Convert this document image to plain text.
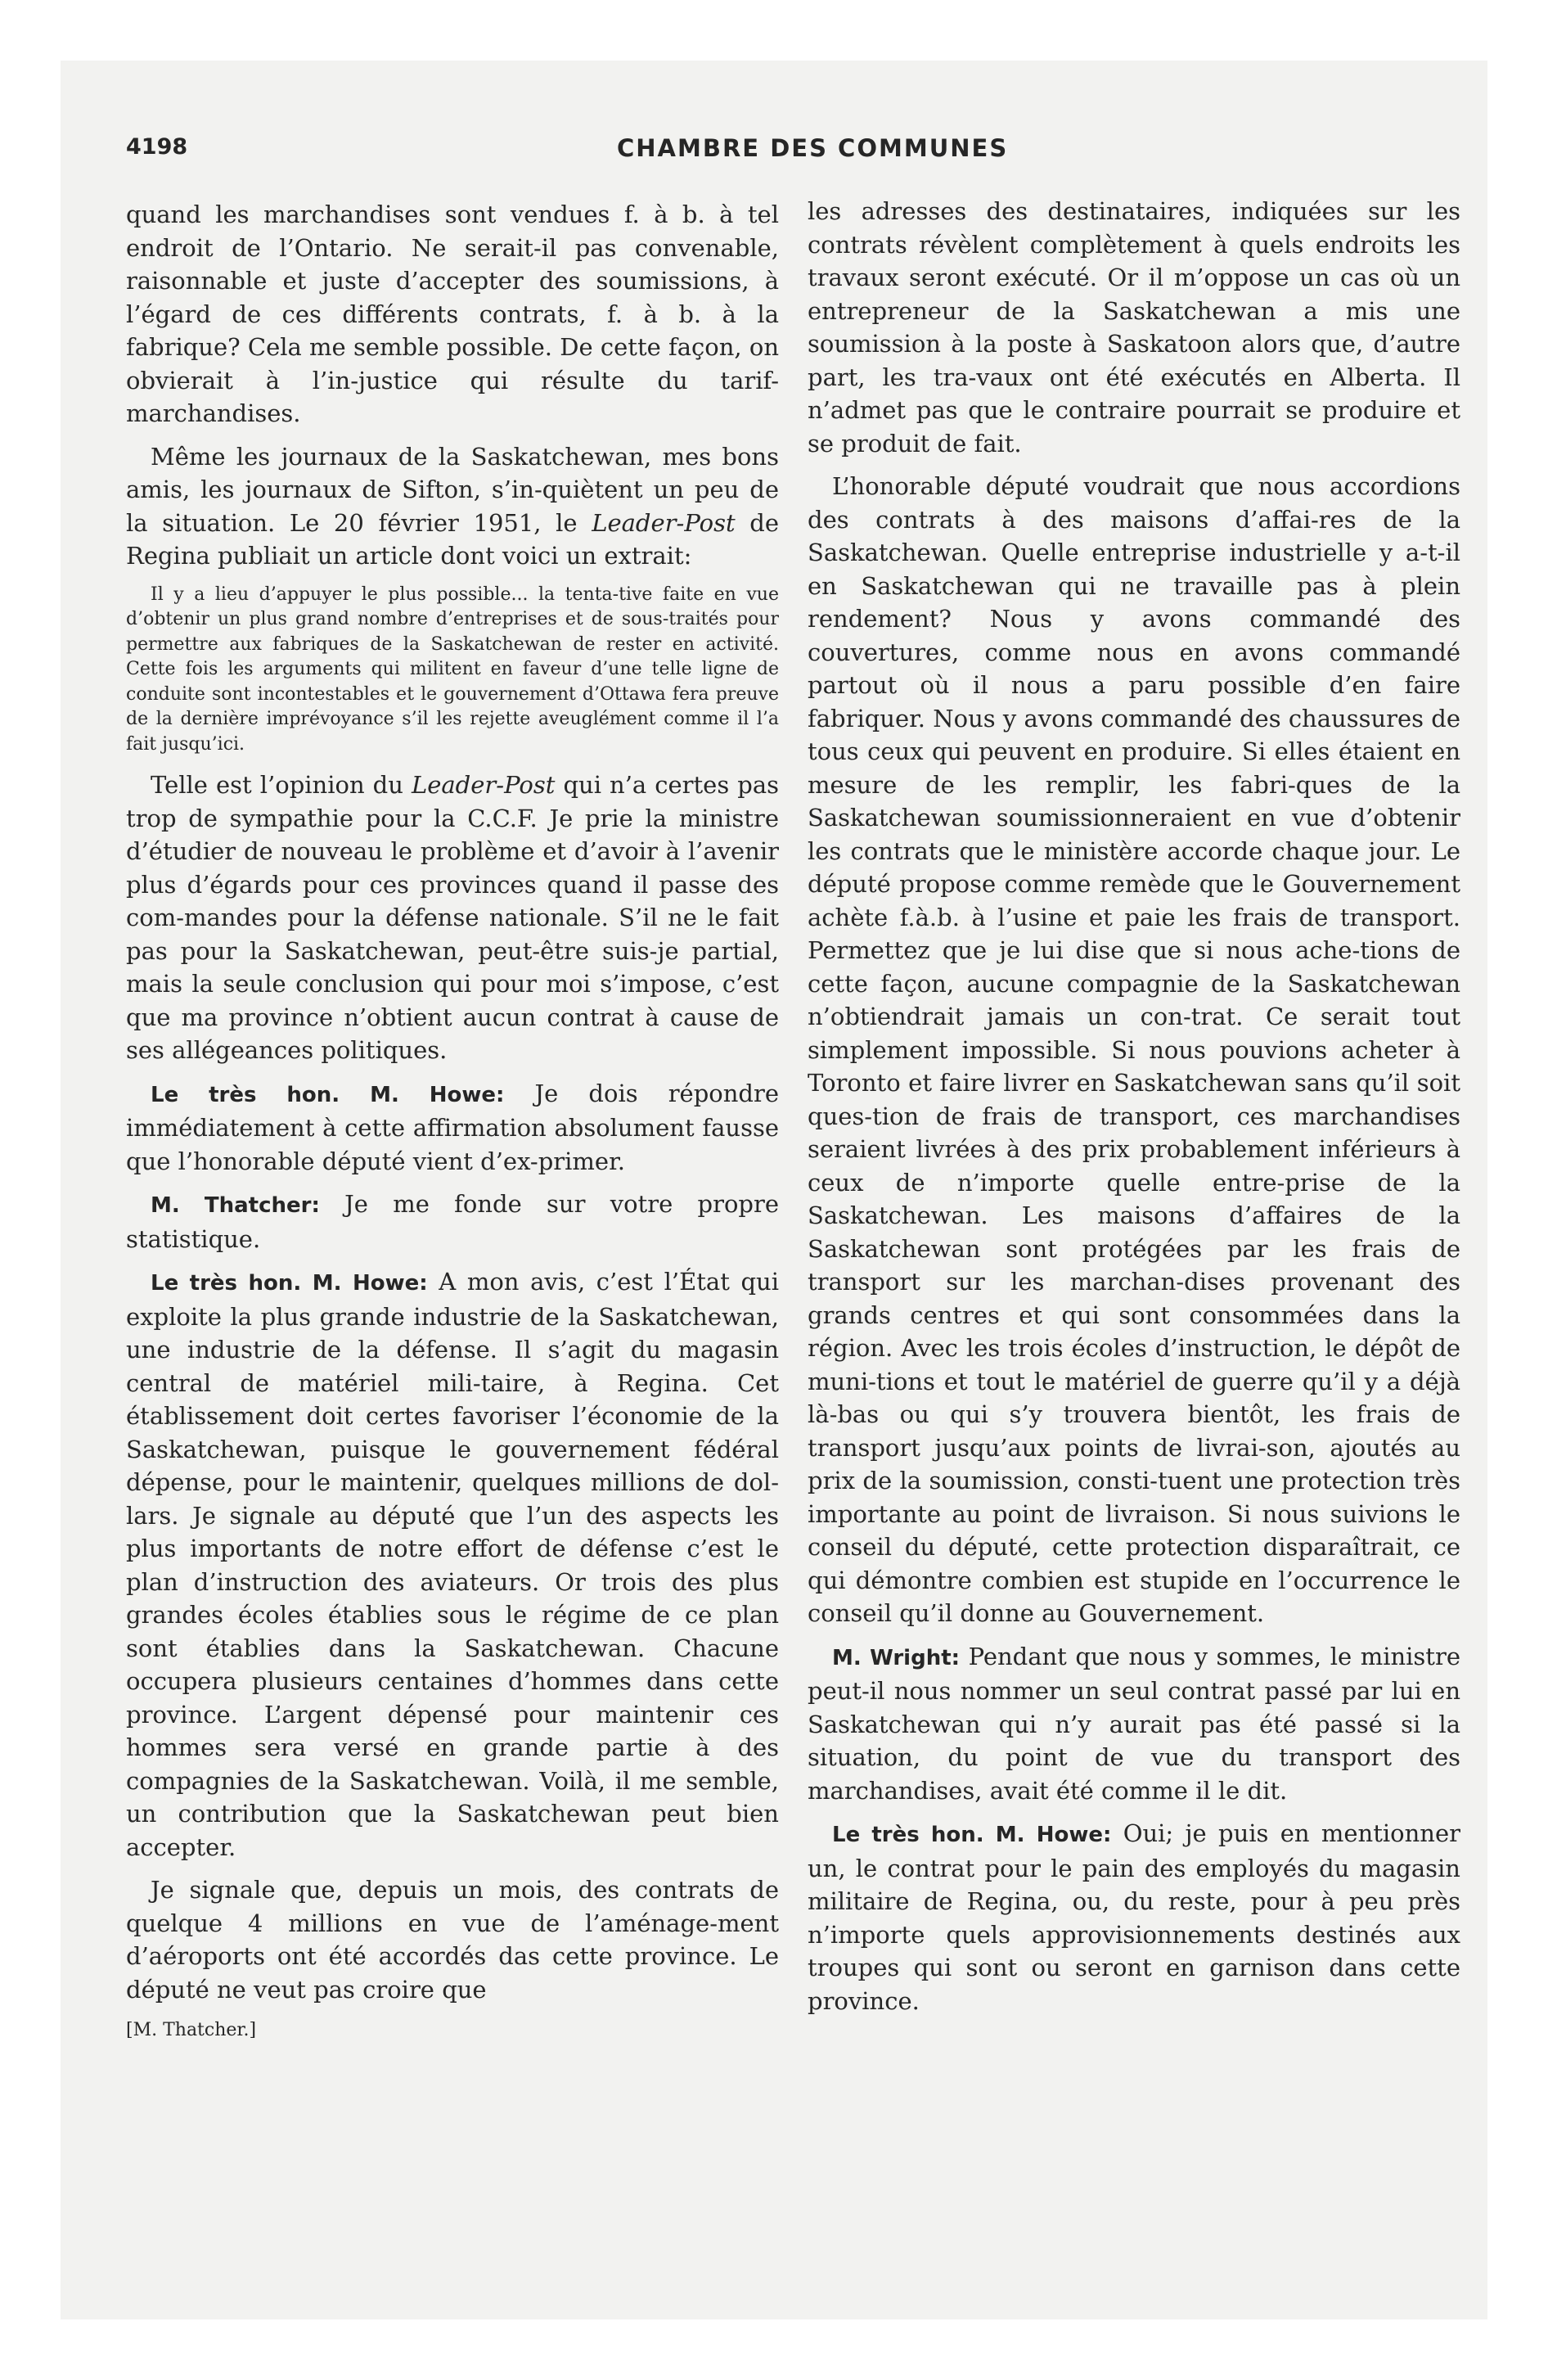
4198	CHAMBRE DES COMMUNES

quand les marchandises sont vendues f. à b. à tel endroit de l’Ontario. Ne serait-il pas convenable, raisonnable et juste d’accepter des soumissions, à l’égard de ces différents contrats, f. à b. à la fabrique? Cela me semble possible. De cette façon, on obvierait à l’in-justice qui résulte du tarif-marchandises.

Même les journaux de la Saskatchewan, mes bons amis, les journaux de Sifton, s’in-quiètent un peu de la situation. Le 20 février 1951, le Leader-Post de Regina publiait un article dont voici un extrait:

Il y a lieu d’appuyer le plus possible... la tenta-tive faite en vue d’obtenir un plus grand nombre d’entreprises et de sous-traités pour permettre aux fabriques de la Saskatchewan de rester en activité. Cette fois les arguments qui militent en faveur d’une telle ligne de conduite sont incontestables et le gouvernement d’Ottawa fera preuve de la dernière imprévoyance s’il les rejette aveuglément comme il l’a fait jusqu’ici.

Telle est l’opinion du Leader-Post qui n’a certes pas trop de sympathie pour la C.C.F. Je prie la ministre d’étudier de nouveau le problème et d’avoir à l’avenir plus d’égards pour ces provinces quand il passe des com-mandes pour la défense nationale. S’il ne le fait pas pour la Saskatchewan, peut-être suis-je partial, mais la seule conclusion qui pour moi s’impose, c’est que ma province n’obtient aucun contrat à cause de ses allégeances politiques.

Le très hon. M. Howe: Je dois répondre immédiatement à cette affirmation absolument fausse que l’honorable député vient d’ex-primer.

M. Thatcher: Je me fonde sur votre propre statistique.

Le très hon. M. Howe: A mon avis, c’est l’État qui exploite la plus grande industrie de la Saskatchewan, une industrie de la défense. Il s’agit du magasin central de matériel mili-taire, à Regina. Cet établissement doit certes favoriser l’économie de la Saskatchewan, puisque le gouvernement fédéral dépense, pour le maintenir, quelques millions de dol-lars. Je signale au député que l’un des aspects les plus importants de notre effort de défense c’est le plan d’instruction des aviateurs. Or trois des plus grandes écoles établies sous le régime de ce plan sont établies dans la Saskatchewan. Chacune occupera plusieurs centaines d’hommes dans cette province. L’argent dépensé pour maintenir ces hommes sera versé en grande partie à des compagnies de la Saskatchewan. Voilà, il me semble, un contribution que la Saskatchewan peut bien accepter.

Je signale que, depuis un mois, des contrats de quelque 4 millions en vue de l’aménage-ment d’aéroports ont été accordés das cette province. Le député ne veut pas croire que

[M. Thatcher.]

les adresses des destinataires, indiquées sur les contrats révèlent complètement à quels endroits les travaux seront exécuté. Or il m’oppose un cas où un entrepreneur de la Saskatchewan a mis une soumission à la poste à Saskatoon alors que, d’autre part, les tra-vaux ont été exécutés en Alberta. Il n’admet pas que le contraire pourrait se produire et se produit de fait.

L’honorable député voudrait que nous accordions des contrats à des maisons d’affai-res de la Saskatchewan. Quelle entreprise industrielle y a-t-il en Saskatchewan qui ne travaille pas à plein rendement? Nous y avons commandé des couvertures, comme nous en avons commandé partout où il nous a paru possible d’en faire fabriquer. Nous y avons commandé des chaussures de tous ceux qui peuvent en produire. Si elles étaient en mesure de les remplir, les fabri-ques de la Saskatchewan soumissionneraient en vue d’obtenir les contrats que le ministère accorde chaque jour. Le député propose comme remède que le Gouvernement achète f.à.b. à l’usine et paie les frais de transport. Permettez que je lui dise que si nous ache-tions de cette façon, aucune compagnie de la Saskatchewan n’obtiendrait jamais un con-trat. Ce serait tout simplement impossible. Si nous pouvions acheter à Toronto et faire livrer en Saskatchewan sans qu’il soit ques-tion de frais de transport, ces marchandises seraient livrées à des prix probablement inférieurs à ceux de n’importe quelle entre-prise de la Saskatchewan. Les maisons d’affaires de la Saskatchewan sont protégées par les frais de transport sur les marchan-dises provenant des grands centres et qui sont consommées dans la région. Avec les trois écoles d’instruction, le dépôt de muni-tions et tout le matériel de guerre qu’il y a déjà là-bas ou qui s’y trouvera bientôt, les frais de transport jusqu’aux points de livrai-son, ajoutés au prix de la soumission, consti-tuent une protection très importante au point de livraison. Si nous suivions le conseil du député, cette protection disparaîtrait, ce qui démontre combien est stupide en l’occurrence le conseil qu’il donne au Gouvernement.

M. Wright: Pendant que nous y sommes, le ministre peut-il nous nommer un seul contrat passé par lui en Saskatchewan qui n’y aurait pas été passé si la situation, du point de vue du transport des marchandises, avait été comme il le dit.

Le très hon. M. Howe: Oui; je puis en mentionner un, le contrat pour le pain des employés du magasin militaire de Regina, ou, du reste, pour à peu près n’importe quels approvisionnements destinés aux troupes qui sont ou seront en garnison dans cette province.
